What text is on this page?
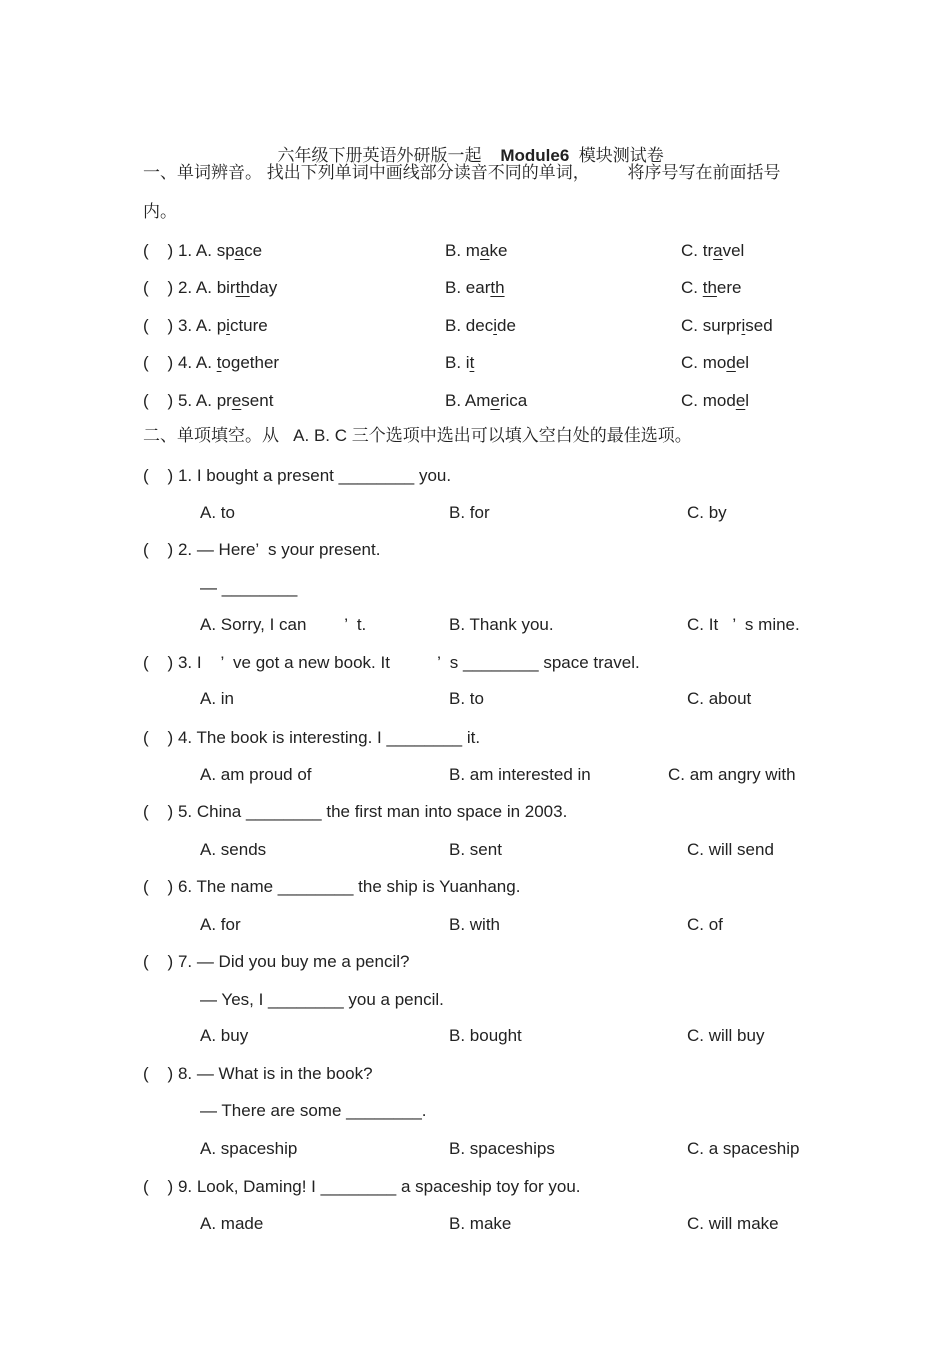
六年级下册英语外研版一起 Module6 模块测试卷

一、单词辨音。 找出下列单词中画线部分读音不同的单词，        将序号写在前面括号
内。
(    ) 1. A. space	B. make	C. travel
(    ) 2. A. birthday	B. earth	C. there
(    ) 3. A. picture	B. decide	C. surprised
(    ) 4. A. together	B. it	C. model
(    ) 5. A. present	B. America	C. model
二、单项填空。从   A. B. C 三个选项中选出可以填入空白处的最佳选项。
(    ) 1. I bought a present ________ you.
A. to	B. for	C. by
(    ) 2. — Here’  s your present.
— ________
A. Sorry, I can        ’  t.	B. Thank you.	C. It   ’  s mine.
(    ) 3. I    ’  ve got a new book. It          ’  s ________ space travel.
A. in	B. to	C. about
(    ) 4. The book is interesting. I ________ it.
A. am proud of	B. am interested in	C. am angry with
(    ) 5. China ________ the first man into space in 2003.
A. sends	B. sent	C. will send
(    ) 6. The name ________ the ship is Yuanhang.
A. for	B. with	C. of
(    ) 7. — Did you buy me a pencil?
— Yes, I ________ you a pencil.
A. buy	B. bought	C. will buy
(    ) 8. — What is in the book?
— There are some ________.
A. spaceship	B. spaceships	C. a spaceship
(    ) 9. Look, Daming! I ________ a spaceship toy for you.
A. made	B. make	C. will make
